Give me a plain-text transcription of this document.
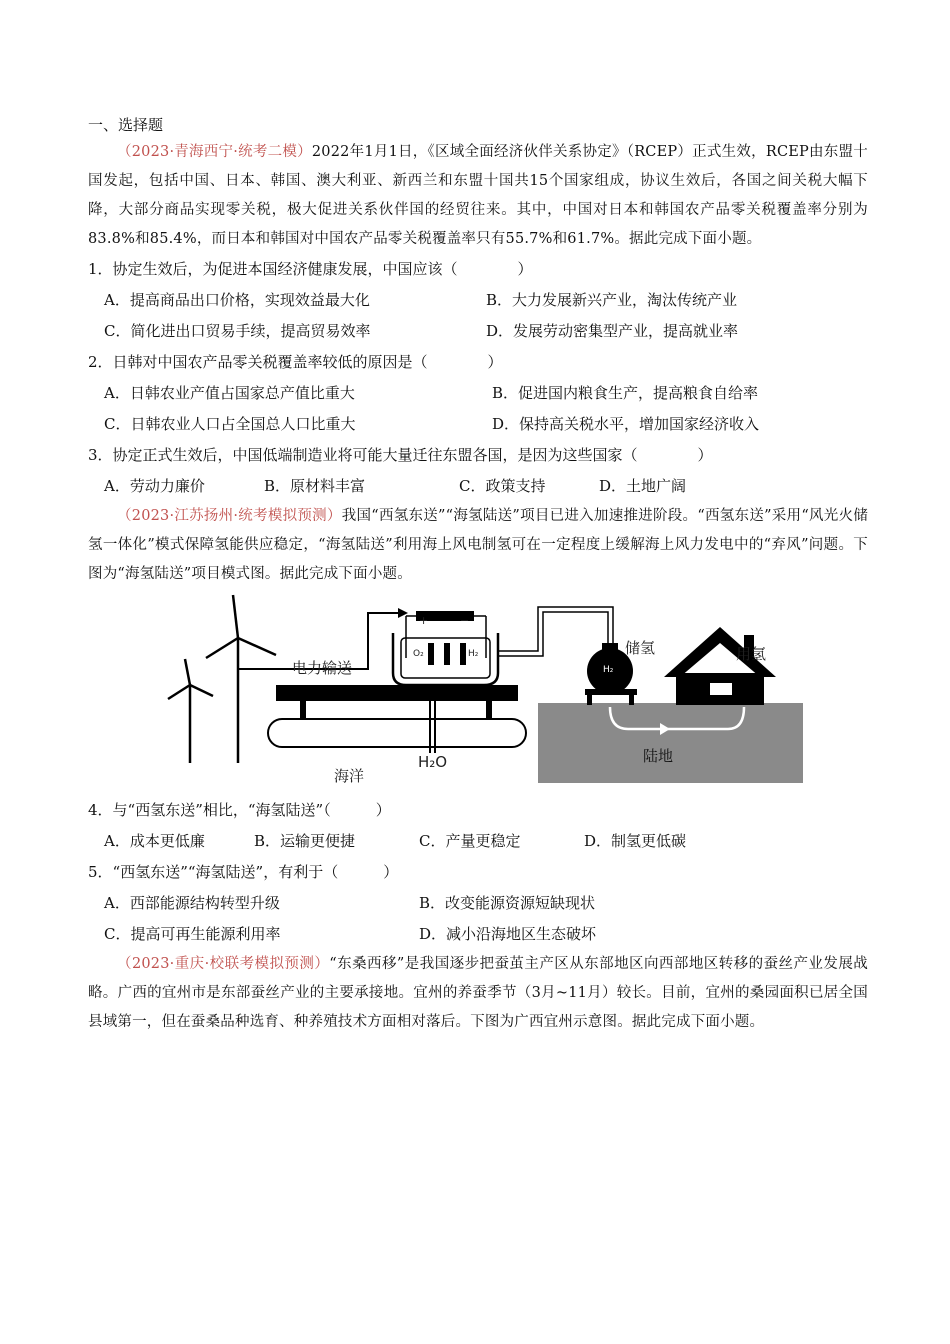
一、选择题

（2023·青海西宁·统考二模）2022年1月1日，《区域全面经济伙伴关系协定》（RCEP）正式生效，RCEP由东盟十国发起，包括中国、日本、韩国、澳大利亚、新西兰和东盟十国共15个国家组成，协议生效后，各国之间关税大幅下降，大部分商品实现零关税，极大促进关系伙伴国的经贸往来。其中，中国对日本和韩国农产品零关税覆盖率分别为83.8%和85.4%，而日本和韩国对中国农产品零关税覆盖率只有55.7%和61.7%。据此完成下面小题。

1．协定生效后，为促进本国经济健康发展，中国应该（　　　　）

A．提高商品出口价格，实现效益最大化	B．大力发展新兴产业，淘汰传统产业
C．简化进出口贸易手续，提高贸易效率	D．发展劳动密集型产业，提高就业率

2．日韩对中国农产品零关税覆盖率较低的原因是（　　　　）

A．日韩农业产值占国家总产值比重大	B．促进国内粮食生产，提高粮食自给率
C．日韩农业人口占全国总人口比重大	D．保持高关税水平，增加国家经济收入

3．协定正式生效后，中国低端制造业将可能大量迁往东盟各国，是因为这些国家（　　　　）

A．劳动力廉价	B．原材料丰富	C．政策支持	D．土地广阔

（2023·江苏扬州·统考模拟预测）我国“西氢东送”“海氢陆送”项目已进入加速推进阶段。“西氢东送”采用“风光火储氢一体化”模式保障氢能供应稳定，“海氢陆送”利用海上风电制氢可在一定程度上缓解海上风力发电中的“弃风”问题。下图为“海氢陆送”项目模式图。据此完成下面小题。

电力输送
储氢	用氢
海洋
H₂O	陆地
+	−
O₂	H₂
H₂

4．与“西氢东送”相比，“海氢陆送”（　　　）

A．成本更低廉	B．运输更便捷	C．产量更稳定	D．制氢更低碳

5．“西氢东送”“海氢陆送”，有利于（　　　）

A．西部能源结构转型升级	B．改变能源资源短缺现状
C．提高可再生能源利用率	D．减小沿海地区生态破坏

（2023·重庆·校联考模拟预测）“东桑西移”是我国逐步把蚕茧主产区从东部地区向西部地区转移的蚕丝产业发展战略。广西的宜州市是东部蚕丝产业的主要承接地。宜州的养蚕季节（3月~11月）较长。目前，宜州的桑园面积已居全国县域第一，但在蚕桑品种选育、种养殖技术方面相对落后。下图为广西宜州示意图。据此完成下面小题。
